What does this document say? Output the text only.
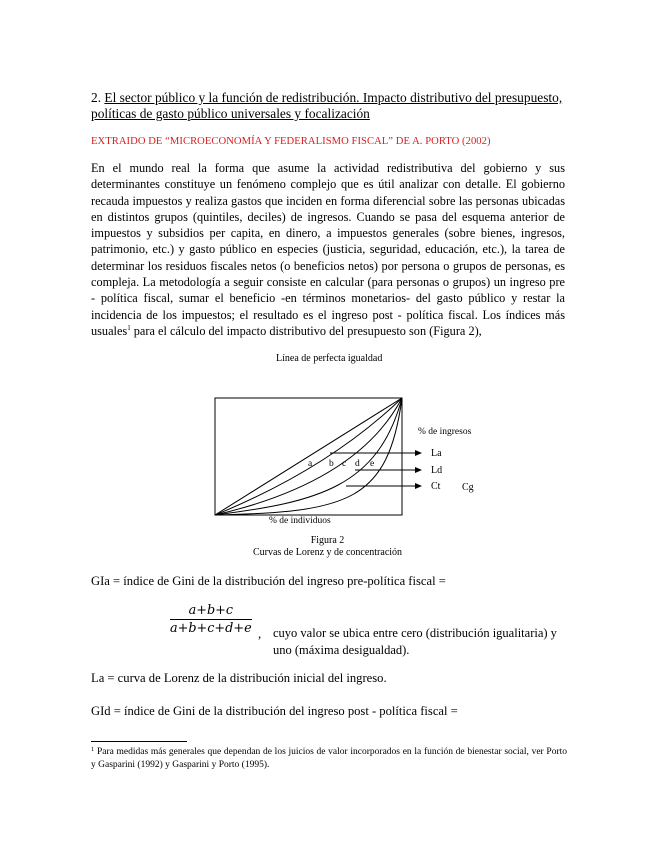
2. El sector público y la función de redistribución. Impacto distributivo del presupuesto, políticas de gasto público universales y focalización
EXTRAIDO DE “MICROECONOMÍA Y FEDERALISMO FISCAL” DE A. PORTO (2002)
En el mundo real la forma que asume la actividad redistributiva del gobierno y sus determinantes constituye un fenómeno complejo que es útil analizar con detalle. El gobierno recauda impuestos y realiza gastos que inciden en forma diferencial sobre las personas ubicadas en distintos grupos (quintiles, deciles) de ingresos. Cuando se pasa del esquema anterior de impuestos y subsidios per capita, en dinero, a impuestos generales (sobre bienes, ingresos, patrimonio, etc.) y gasto público en especies (justicia, seguridad, educación, etc.), la tarea de determinar los residuos fiscales netos (o beneficios netos) por persona o grupos de personas, es compleja. La metodología a seguir consiste en calcular (para personas o grupos) un ingreso pre - política fiscal, sumar el beneficio -en términos monetarios- del gasto público y restar la incidencia de los impuestos; el resultado es el ingreso post - política fiscal. Los índices más usuales$^1$ para el cálculo del impacto distributivo del presupuesto son (Figura 2),
Línea de perfecta igualdad
% de ingresos
a b c d e
La
Ld
Ct Cg
% de individuos
Figura 2
Curvas de Lorenz y de concentración
GIa = índice de Gini de la distribución del ingreso pre-política fiscal =
$\frac{a+b+c}{a+b+c+d+e}$ , cuyo valor se ubica entre cero (distribución igualitaria) y uno (máxima desigualdad).
La = curva de Lorenz de la distribución inicial del ingreso.
GId = índice de Gini de la distribución del ingreso post - política fiscal =
$^1$ Para medidas más generales que dependan de los juicios de valor incorporados en la función de bienestar social, ver Porto y Gasparini (1992) y Gasparini y Porto (1995).
